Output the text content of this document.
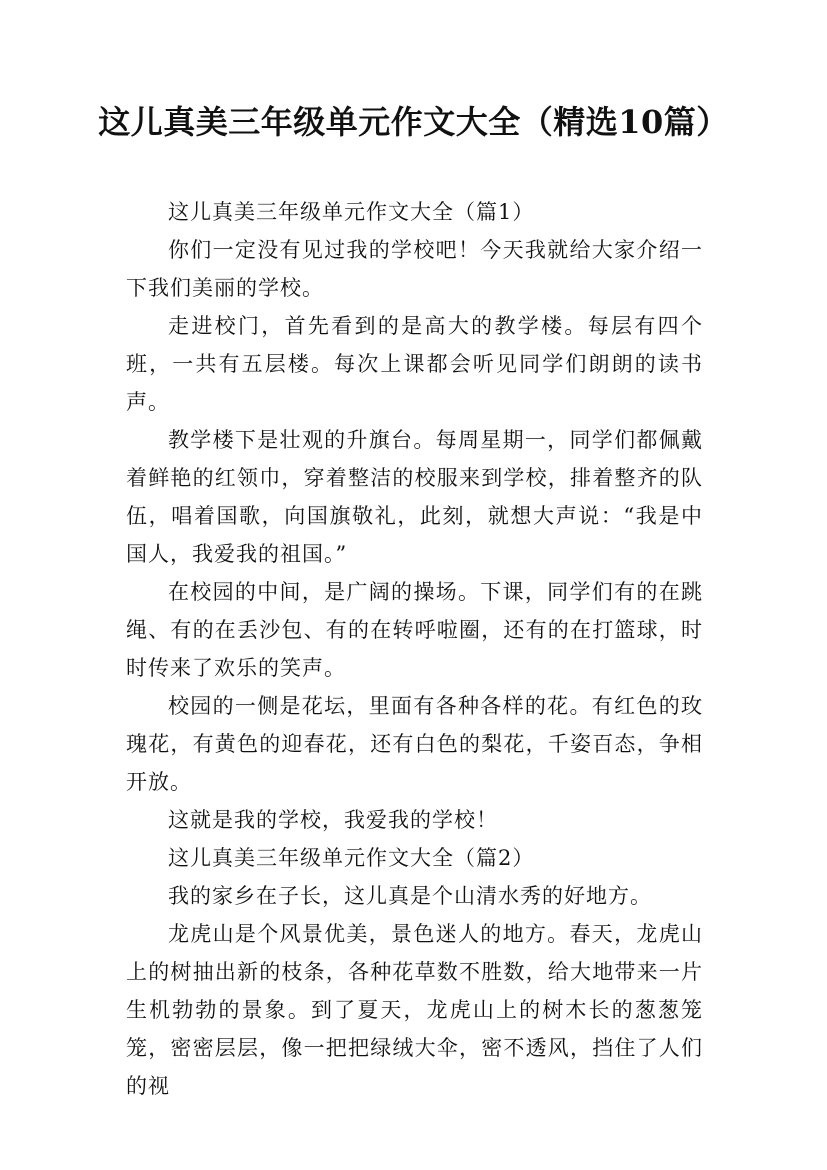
这儿真美三年级单元作文大全（精选10篇）

这儿真美三年级单元作文大全（篇1）

你们一定没有见过我的学校吧！今天我就给大家介绍一下我们美丽的学校。

走进校门，首先看到的是高大的教学楼。每层有四个班，一共有五层楼。每次上课都会听见同学们朗朗的读书声。

教学楼下是壮观的升旗台。每周星期一，同学们都佩戴着鲜艳的红领巾，穿着整洁的校服来到学校，排着整齐的队伍，唱着国歌，向国旗敬礼，此刻，就想大声说：“我是中国人，我爱我的祖国。”

在校园的中间，是广阔的操场。下课，同学们有的在跳绳、有的在丢沙包、有的在转呼啦圈，还有的在打篮球，时时传来了欢乐的笑声。

校园的一侧是花坛，里面有各种各样的花。有红色的玫瑰花，有黄色的迎春花，还有白色的梨花，千姿百态，争相开放。

这就是我的学校，我爱我的学校！

这儿真美三年级单元作文大全（篇2）

我的家乡在子长，这儿真是个山清水秀的好地方。

龙虎山是个风景优美，景色迷人的地方。春天，龙虎山上的树抽出新的枝条，各种花草数不胜数，给大地带来一片生机勃勃的景象。到了夏天，龙虎山上的树木长的葱葱笼笼，密密层层，像一把把绿绒大伞，密不透风，挡住了人们的视
